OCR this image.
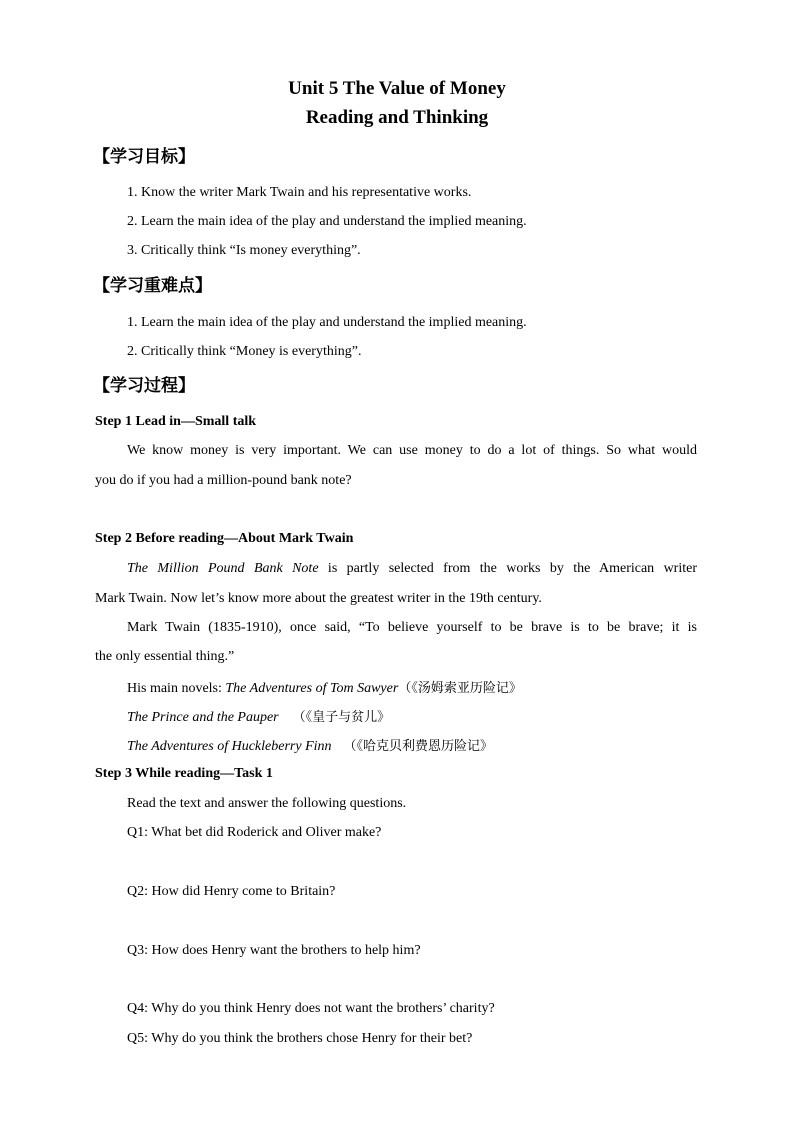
Unit 5 The Value of Money
Reading and Thinking
【学习目标】
1. Know the writer Mark Twain and his representative works.
2. Learn the main idea of the play and understand the implied meaning.
3. Critically think “Is money everything”.
【学习重难点】
1. Learn the main idea of the play and understand the implied meaning.
2. Critically think “Money is everything”.
【学习过程】
Step 1 Lead in—Small talk
We know money is very important. We can use money to do a lot of things. So what would
you do if you had a million-pound bank note?
Step 2 Before reading—About Mark Twain
The Million Pound Bank Note is partly selected from the works by the American writer
Mark Twain. Now let’s know more about the greatest writer in the 19th century.
Mark Twain (1835-1910), once said, “To believe yourself to be brave is to be brave; it is
the only essential thing.”
His main novels: The Adventures of Tom Sawyer（《汤姆索亚历险记》
The Prince and the Pauper （《皇子与贫儿》
The Adventures of Huckleberry Finn （《哈克贝利费恩历险记》
Step 3 While reading—Task 1
Read the text and answer the following questions.
Q1: What bet did Roderick and Oliver make?
Q2: How did Henry come to Britain?
Q3: How does Henry want the brothers to help him?
Q4: Why do you think Henry does not want the brothers’ charity?
Q5: Why do you think the brothers chose Henry for their bet?
